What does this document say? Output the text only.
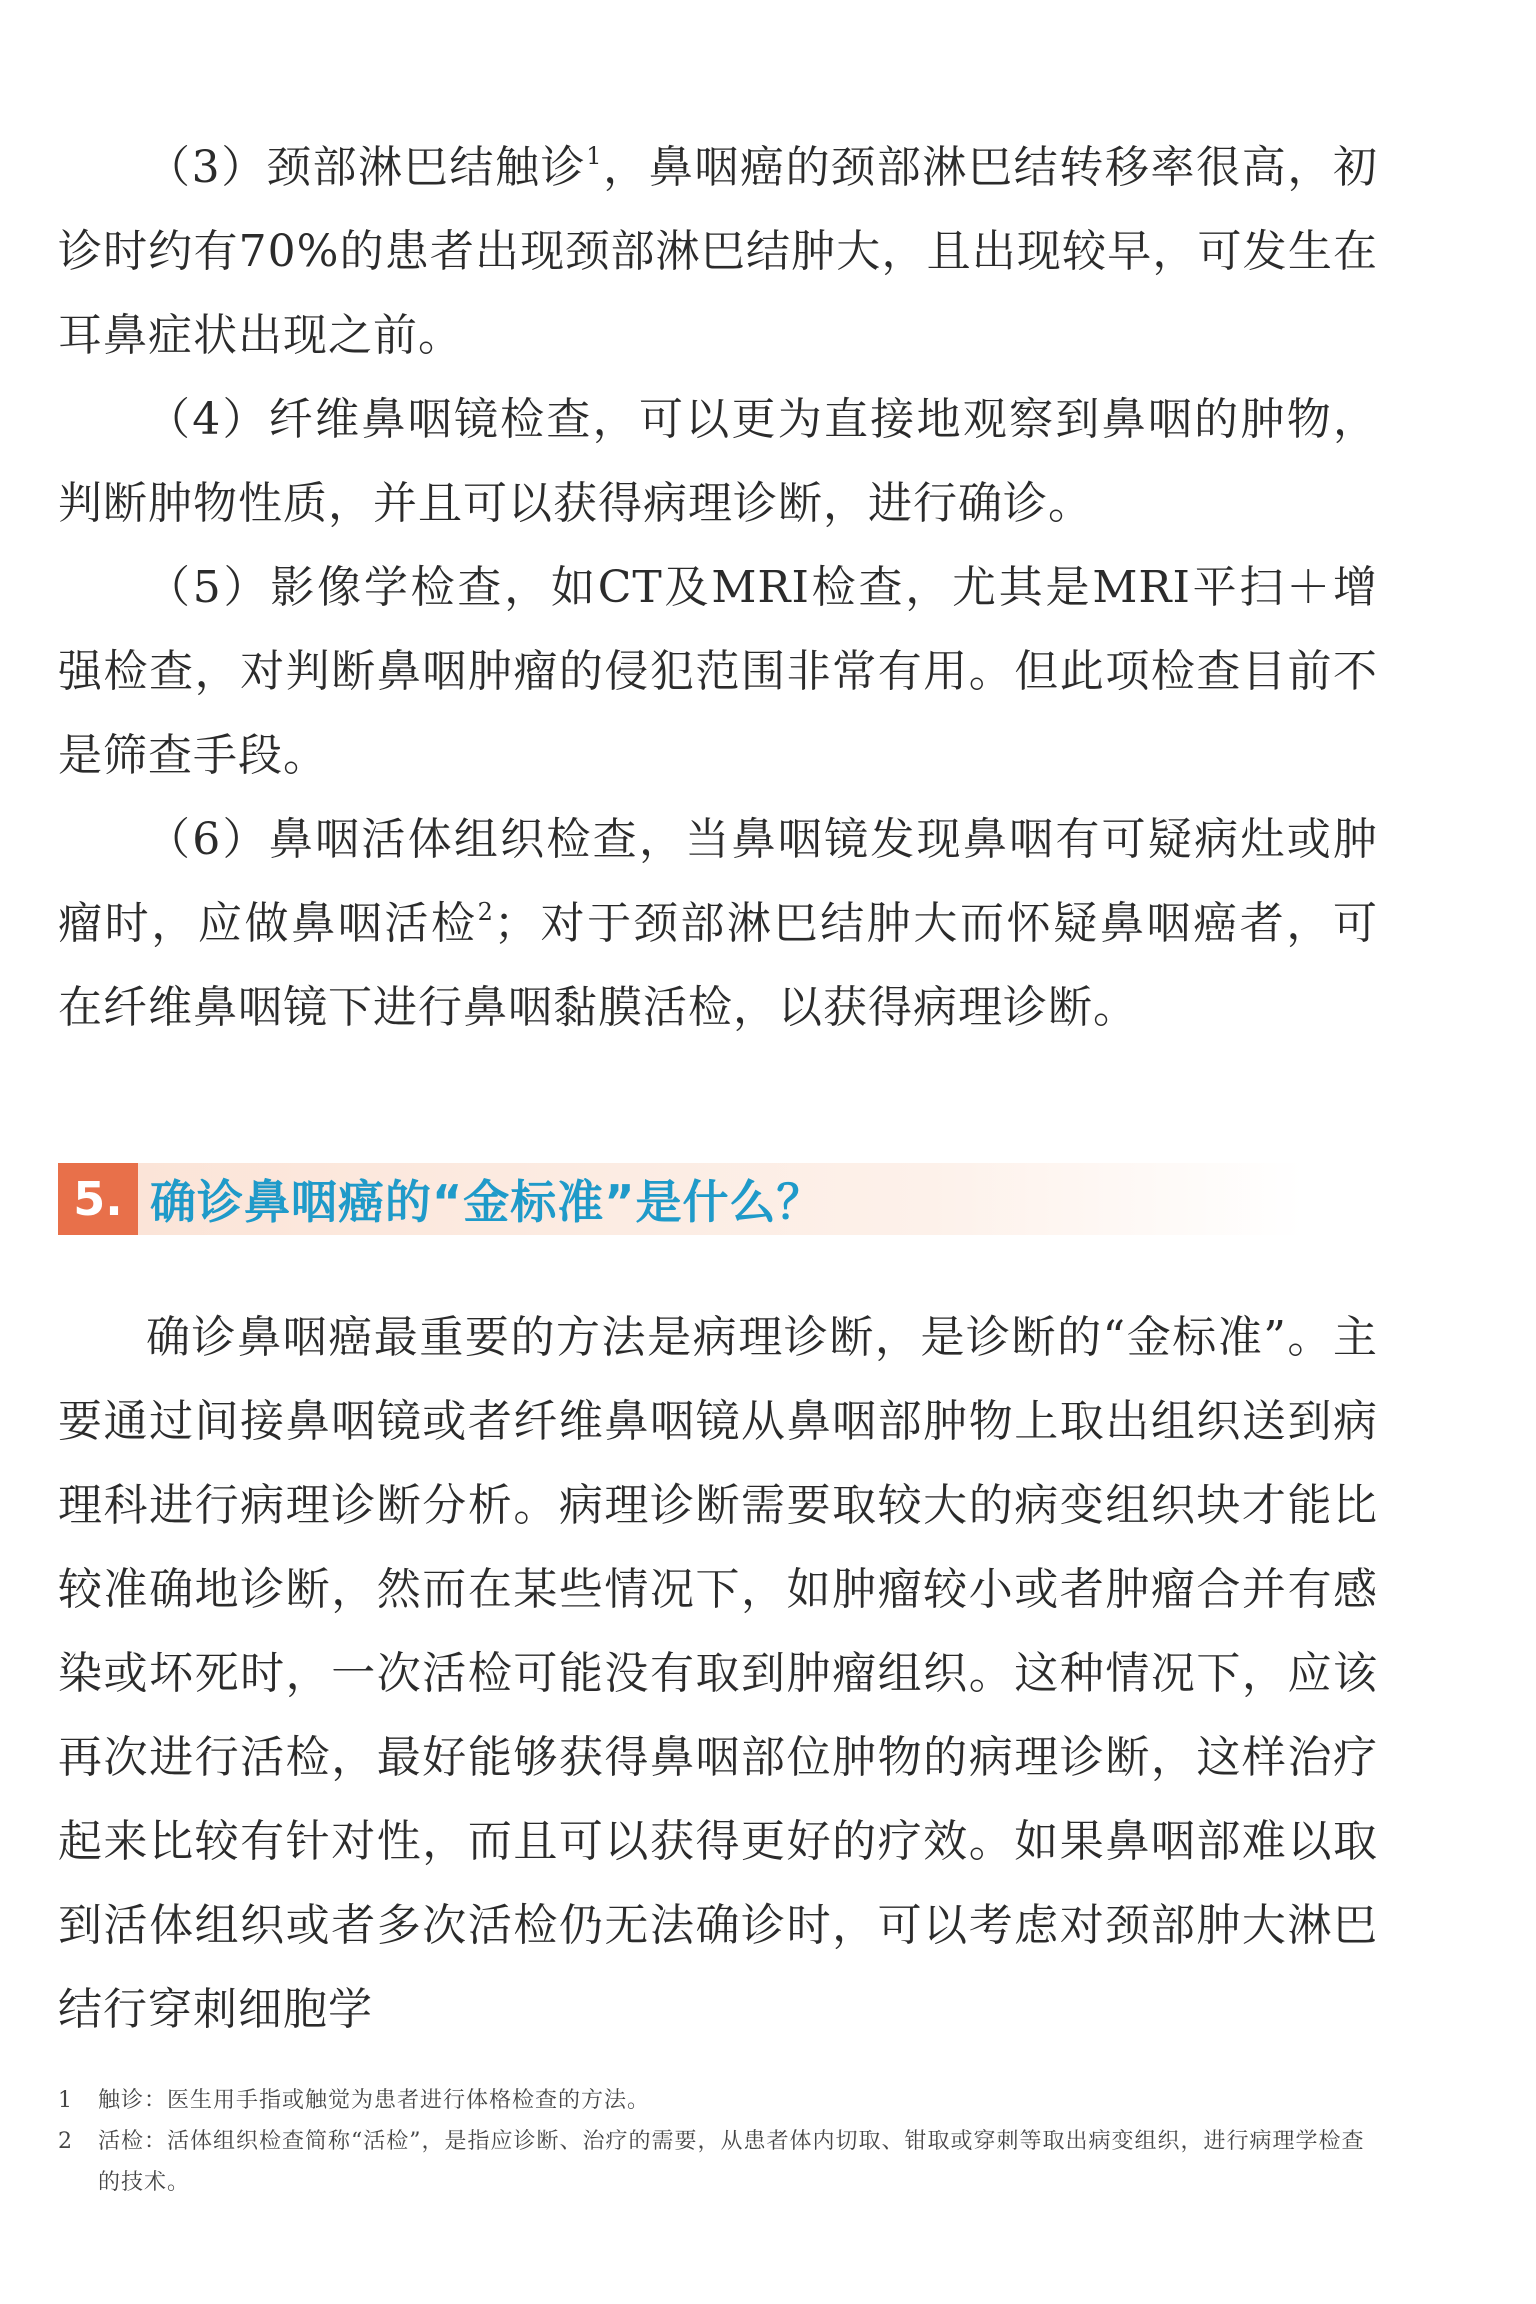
（3）颈部淋巴结触诊$^1$，鼻咽癌的颈部淋巴结转移率很高，初诊时约有70%的患者出现颈部淋巴结肿大，且出现较早，可发生在耳鼻症状出现之前。

（4）纤维鼻咽镜检查，可以更为直接地观察到鼻咽的肿物，判断肿物性质，并且可以获得病理诊断，进行确诊。

（5）影像学检查，如CT及MRI检查，尤其是MRI平扫＋增强检查，对判断鼻咽肿瘤的侵犯范围非常有用。但此项检查目前不是筛查手段。

（6）鼻咽活体组织检查，当鼻咽镜发现鼻咽有可疑病灶或肿瘤时，应做鼻咽活检$^2$；对于颈部淋巴结肿大而怀疑鼻咽癌者，可在纤维鼻咽镜下进行鼻咽黏膜活检，以获得病理诊断。

5. 确诊鼻咽癌的“金标准”是什么？

确诊鼻咽癌最重要的方法是病理诊断，是诊断的“金标准”。主要通过间接鼻咽镜或者纤维鼻咽镜从鼻咽部肿物上取出组织送到病理科进行病理诊断分析。病理诊断需要取较大的病变组织块才能比较准确地诊断，然而在某些情况下，如肿瘤较小或者肿瘤合并有感染或坏死时，一次活检可能没有取到肿瘤组织。这种情况下，应该再次进行活检，最好能够获得鼻咽部位肿物的病理诊断，这样治疗起来比较有针对性，而且可以获得更好的疗效。如果鼻咽部难以取到活体组织或者多次活检仍无法确诊时，可以考虑对颈部肿大淋巴结行穿刺细胞学

1	触诊：医生用手指或触觉为患者进行体格检查的方法。

2	活检：活体组织检查简称“活检”，是指应诊断、治疗的需要，从患者体内切取、钳取或穿刺等取出病变组织，进行病理学检查的技术。
